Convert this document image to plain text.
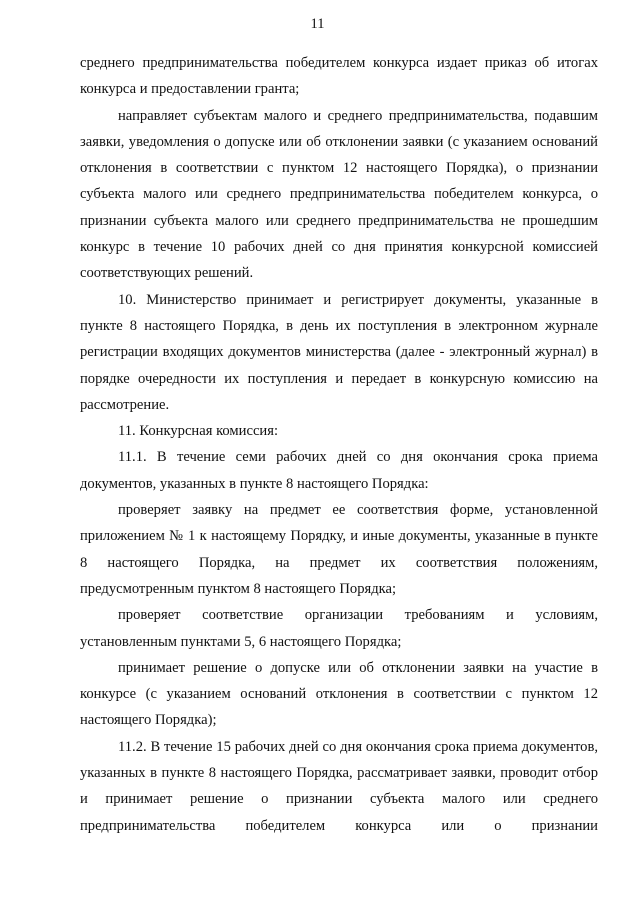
11

среднего предпринимательства победителем конкурса издает приказ об итогах конкурса и предоставлении гранта;

направляет субъектам малого и среднего предпринимательства, подавшим заявки, уведомления о допуске или об отклонении заявки (с указанием оснований отклонения в соответствии с пунктом 12 настоящего Порядка), о признании субъекта малого или среднего предпринимательства победителем конкурса, о признании субъекта малого или среднего предпринимательства не прошедшим конкурс в течение 10 рабочих дней со дня принятия конкурсной комиссией соответствующих решений.

10. Министерство принимает и регистрирует документы, указанные в пункте 8 настоящего Порядка, в день их поступления в электронном журнале регистрации входящих документов министерства (далее - электронный журнал) в порядке очередности их поступления и передает в конкурсную комиссию на рассмотрение.

11. Конкурсная комиссия:

11.1. В течение семи рабочих дней со дня окончания срока приема документов, указанных в пункте 8 настоящего Порядка:

проверяет заявку на предмет ее соответствия форме, установленной приложением № 1 к настоящему Порядку, и иные документы, указанные в пункте 8 настоящего Порядка, на предмет их соответствия положениям, предусмотренным пунктом 8 настоящего Порядка;

проверяет соответствие организации требованиям и условиям, установленным пунктами 5, 6 настоящего Порядка;

принимает решение о допуске или об отклонении заявки на участие в конкурсе (с указанием оснований отклонения в соответствии с пунктом 12 настоящего Порядка);

11.2. В течение 15 рабочих дней со дня окончания срока приема документов, указанных в пункте 8 настоящего Порядка, рассматривает заявки, проводит отбор и принимает решение о признании субъекта малого или среднего предпринимательства победителем конкурса или о признании
